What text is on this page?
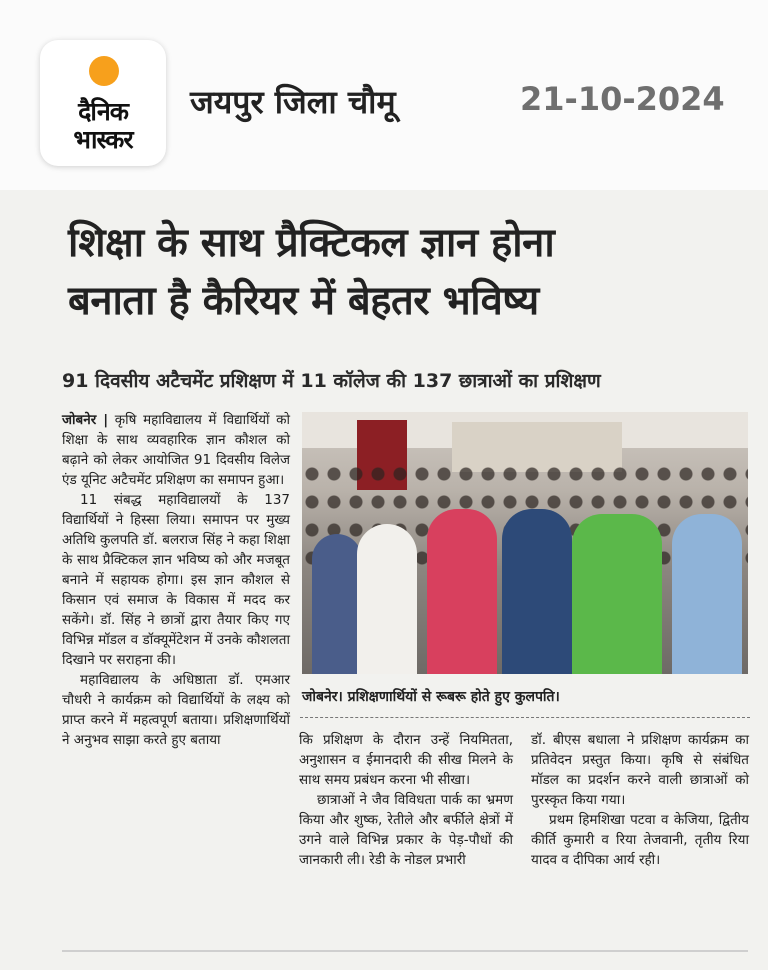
दैनिक
भास्कर
जयपुर जिला चौमू	21-10-2024
शिक्षा के साथ प्रैक्टिकल ज्ञान होना
बनाता है कैरियर में बेहतर भविष्य
91 दिवसीय अटैचमेंट प्रशिक्षण में 11 कॉलेज की 137 छात्राओं का प्रशिक्षण

जोबनेर | कृषि महाविद्यालय में विद्यार्थियों को शिक्षा के साथ व्यवहारिक ज्ञान कौशल को बढ़ाने को लेकर आयोजित 91 दिवसीय विलेज एंड यूनिट अटैचमेंट प्रशिक्षण का समापन हुआ।

11 संबद्ध महाविद्यालयों के 137 विद्यार्थियों ने हिस्सा लिया। समापन पर मुख्य अतिथि कुलपति डॉ. बलराज सिंह ने कहा शिक्षा के साथ प्रैक्टिकल ज्ञान भविष्य को और मजबूत बनाने में सहायक होगा। इस ज्ञान कौशल से किसान एवं समाज के विकास में मदद कर सकेंगे। डॉ. सिंह ने छात्रों द्वारा तैयार किए गए विभिन्न मॉडल व डॉक्यूमेंटेशन में उनके कौशलता दिखाने पर सराहना की।

महाविद्यालय के अधिष्ठाता डॉ. एमआर चौधरी ने कार्यक्रम को विद्यार्थियों के लक्ष्य को प्राप्त करने में महत्वपूर्ण बताया। प्रशिक्षणार्थियों ने अनुभव साझा करते हुए बताया

जोबनेर। प्रशिक्षणार्थियों से रूबरू होते हुए कुलपति।

कि प्रशिक्षण के दौरान उन्हें नियमितता, अनुशासन व ईमानदारी की सीख मिलने के साथ समय प्रबंधन करना भी सीखा।

छात्राओं ने जैव विविधता पार्क का भ्रमण किया और शुष्क, रेतीले और बर्फीले क्षेत्रों में उगने वाले विभिन्न प्रकार के पेड़-पौधों की जानकारी ली। रेडी के नोडल प्रभारी

डॉ. बीएस बधाला ने प्रशिक्षण कार्यक्रम का प्रतिवेदन प्रस्तुत किया। कृषि से संबंधित मॉडल का प्रदर्शन करने वाली छात्राओं को पुरस्कृत किया गया।

प्रथम हिमशिखा पटवा व केजिया, द्वितीय कीर्ति कुमारी व रिया तेजवानी, तृतीय रिया यादव व दीपिका आर्य रही।
